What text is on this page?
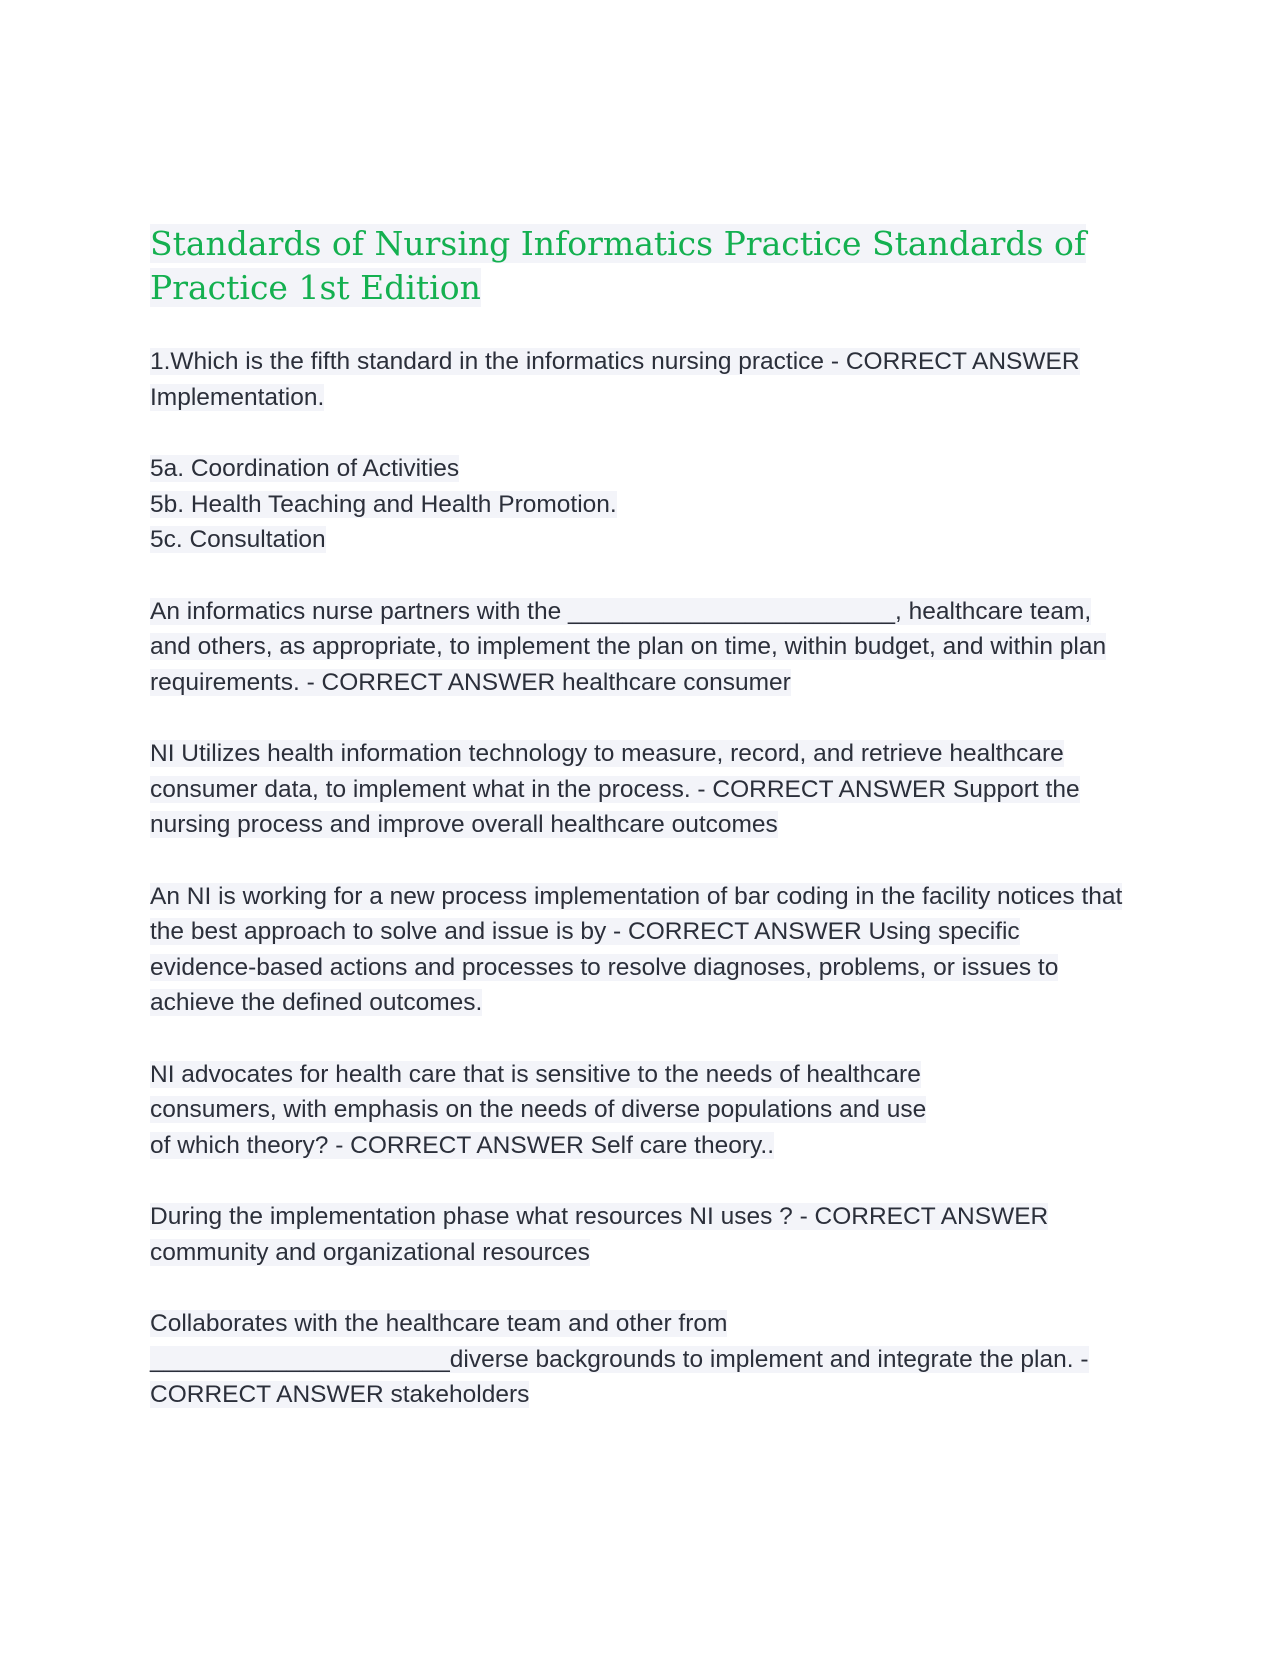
Standards of Nursing Informatics Practice Standards of Practice 1st Edition

1.Which is the fifth standard in the informatics nursing practice - CORRECT ANSWER Implementation.

5a. Coordination of Activities
5b. Health Teaching and Health Promotion.
5c. Consultation

An informatics nurse partners with the ________________________, healthcare team, and others, as appropriate, to implement the plan on time, within budget, and within plan requirements. - CORRECT ANSWER healthcare consumer

NI Utilizes health information technology to measure, record, and retrieve healthcare consumer data, to implement what in the process. - CORRECT ANSWER Support the nursing process and improve overall healthcare outcomes

An NI is working for a new process implementation of bar coding in the facility notices that the best approach to solve and issue is by - CORRECT ANSWER Using specific evidence-based actions and processes to resolve diagnoses, problems, or issues to achieve the defined outcomes.

NI advocates for health care that is sensitive to the needs of healthcare consumers, with emphasis on the needs of diverse populations and use
of which theory? - CORRECT ANSWER Self care theory..

During the implementation phase what resources NI uses ? - CORRECT ANSWER community and organizational resources

Collaborates with the healthcare team and other from
______________________diverse backgrounds to implement and integrate the plan. - CORRECT ANSWER stakeholders
